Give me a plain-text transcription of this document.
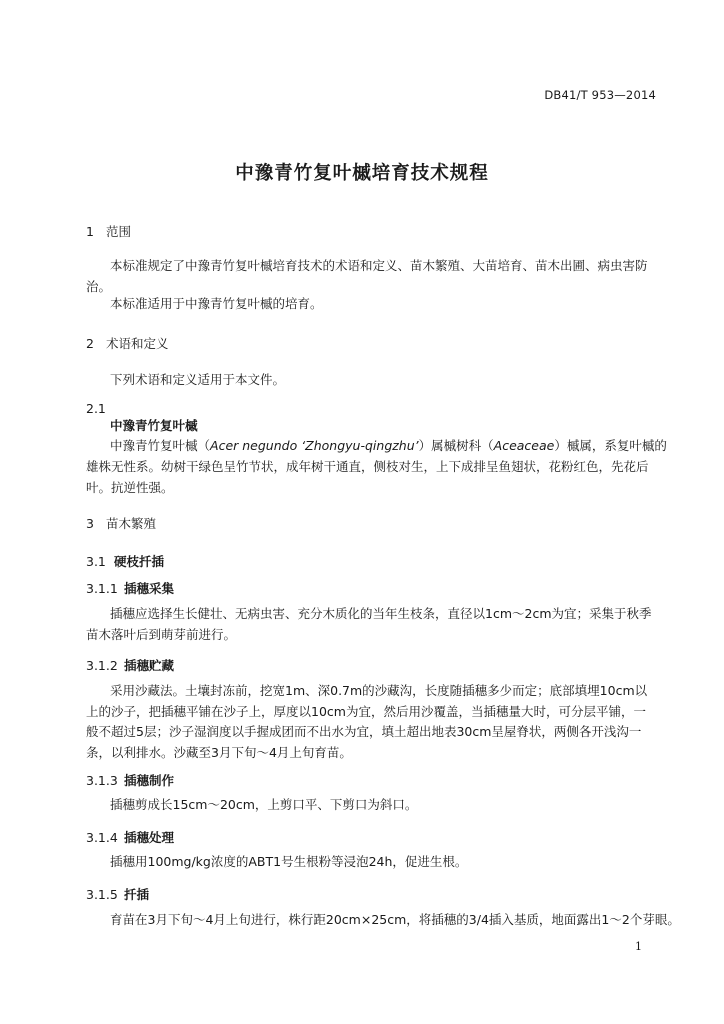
DB41/T 953—2014
中豫青竹复叶槭培育技术规程
1 范围
本标准规定了中豫青竹复叶槭培育技术的术语和定义、苗木繁殖、大苗培育、苗木出圃、病虫害防治。
本标准适用于中豫青竹复叶槭的培育。
2 术语和定义
下列术语和定义适用于本文件。
2.1
中豫青竹复叶槭
中豫青竹复叶槭（Acer negundo ‘Zhongyu-qingzhu’）属槭树科（Aceaceae）槭属，系复叶槭的
雄株无性系。幼树干绿色呈竹节状，成年树干通直，侧枝对生，上下成排呈鱼翅状，花粉红色，先花后
叶。抗逆性强。
3 苗木繁殖
3.1 硬枝扦插
3.1.1 插穗采集
插穗应选择生长健壮、无病虫害、充分木质化的当年生枝条，直径以1cm～2cm为宜；采集于秋季苗木落叶后到萌芽前进行。
3.1.2 插穗贮藏
采用沙藏法。土壤封冻前，挖宽1m、深0.7m的沙藏沟，长度随插穗多少而定；底部填埋10cm以上的沙子，把插穗平铺在沙子上，厚度以10cm为宜，然后用沙覆盖，当插穗量大时，可分层平铺，一般不超过5层；沙子湿润度以手握成团而不出水为宜，填土超出地表30cm呈屋脊状，两侧各开浅沟一条，以利排水。沙藏至3月下旬～4月上旬育苗。
3.1.3 插穗制作
插穗剪成长15cm～20cm，上剪口平、下剪口为斜口。
3.1.4 插穗处理
插穗用100mg/kg浓度的ABT1号生根粉等浸泡24h，促进生根。
3.1.5 扦插
育苗在3月下旬～4月上旬进行，株行距20cm×25cm，将插穗的3/4插入基质，地面露出1～2个芽眼。
1
